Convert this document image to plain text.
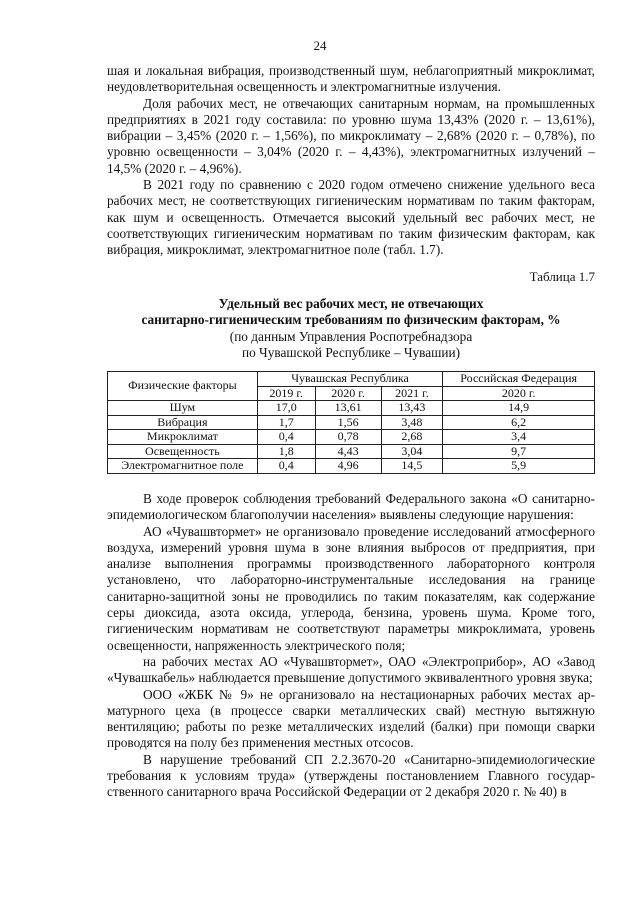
24

шая и локальная вибрация, производственный шум, неблагоприятный микроклимат, неудовлетворительная освещенность и электромагнитные излучения.

Доля рабочих мест, не отвечающих санитарным нормам, на промышленных предприятиях в 2021 году составила: по уровню шума 13,43% (2020 г. – 13,61%), вибрации – 3,45% (2020 г. – 1,56%), по микроклимату – 2,68% (2020 г. – 0,78%), по уровню освещенности – 3,04% (2020 г. – 4,43%), электромагнитных излучений – 14,5% (2020 г. – 4,96%).

В 2021 году по сравнению с 2020 годом отмечено снижение удельного веса рабочих мест, не соответствующих гигиеническим нормативам по таким факторам, как шум и освещенность. Отмечается высокий удельный вес рабочих мест, не соответствующих гигиеническим нормативам по таким физическим факторам, как вибрация, микроклимат, электромагнитное поле (табл. 1.7).

Таблица 1.7
Удельный вес рабочих мест, не отвечающих
санитарно-гигиеническим требованиям по физическим факторам, %
(по данным Управления Роспотребнадзора
по Чувашской Республике – Чувашии)
Физические факторы	Чувашская Республика			Российская Федерация
	2019 г.	2020 г.	2021 г.	2020 г.
Шум	17,0	13,61	13,43	14,9
Вибрация	1,7	1,56	3,48	6,2
Микроклимат	0,4	0,78	2,68	3,4
Освещенность	1,8	4,43	3,04	9,7
Электромагнитное поле	0,4	4,96	14,5	5,9

В ходе проверок соблюдения требований Федерального закона «О санитарно-эпидемиологическом благополучии населения» выявлены следующие нарушения:

АО «Чувашвтормет» не организовало проведение исследований атмосферного воздуха, измерений уровня шума в зоне влияния выбросов от предприятия, при анализе выполнения программы производственного лабораторного контроля установлено, что лабораторно-инструментальные исследования на границе санитарно-защитной зоны не проводились по таким показателям, как содержание серы диоксида, азота оксида, углерода, бензина, уровень шума. Кроме того, гигиеническим нормативам не соответствуют параметры микроклимата, уровень освещенности, напряженность электрического поля;

на рабочих местах АО «Чувашвтормет», ОАО «Электроприбор», АО «Завод «Чувашкабель» наблюдается превышение допустимого эквивалентного уровня звука;

ООО «ЖБК № 9» не организовало на нестационарных рабочих местах арматурного цеха (в процессе сварки металлических свай) местную вытяжную вентиляцию; работы по резке металлических изделий (балки) при помощи сварки проводятся на полу без применения местных отсосов.

В нарушение требований СП 2.2.3670-20 «Санитарно-эпидемиологические требования к условиям труда» (утверждены постановлением Главного государственного санитарного врача Российской Федерации от 2 декабря 2020 г. № 40) в
